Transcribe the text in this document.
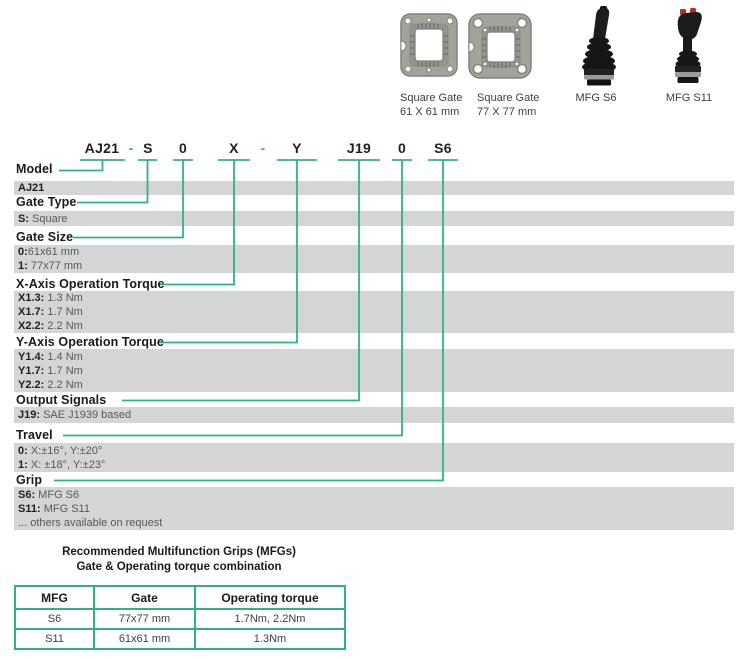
Square Gate
61 X 61 mm
Square Gate
77 X 77 mm
MFG S6	MFG S11
AJ21 - S 0	X - Y	J19 0 S6
Model
Gate Type
Gate Size
X-Axis Operation Torque
Y-Axis Operation Torque
Output Signals
Travel
Grip
AJ21
S: Square
0:61x61 mm
1: 77x77 mm
X1.3: 1.3 Nm
X1.7: 1.7 Nm
X2.2: 2.2 Nm
Y1.4: 1.4 Nm
Y1.7: 1.7 Nm
Y2.2: 2.2 Nm
J19: SAE J1939 based
0: X:±16°, Y:±20°
1: X: ±18°, Y:±23°
S6: MFG S6
S11: MFG S11
... others available on request
Recommended Multifunction Grips (MFGs)
Gate & Operating torque combination
MFG	Gate	Operating torque
S6	77x77 mm	1.7Nm, 2.2Nm
S11	61x61 mm	1.3Nm
